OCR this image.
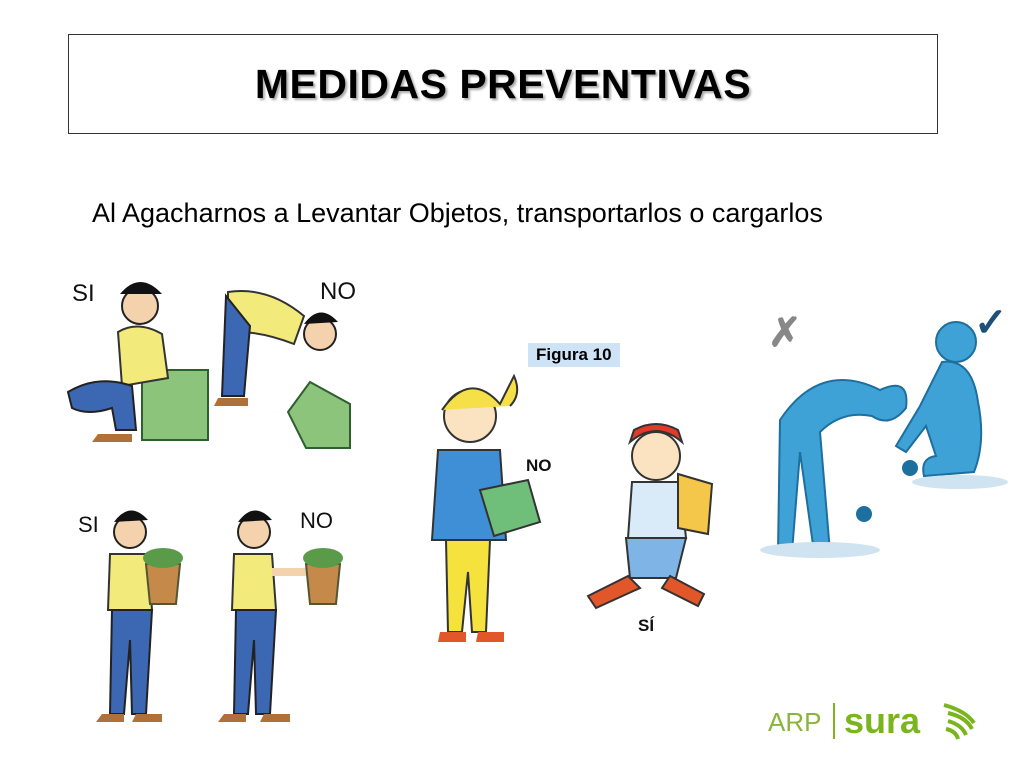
MEDIDAS PREVENTIVAS
Al Agacharnos a Levantar Objetos, transportarlos o cargarlos
SI	NO
SI	NO
Figura 10
NO
SÍ
✗	✓
ARP sura
